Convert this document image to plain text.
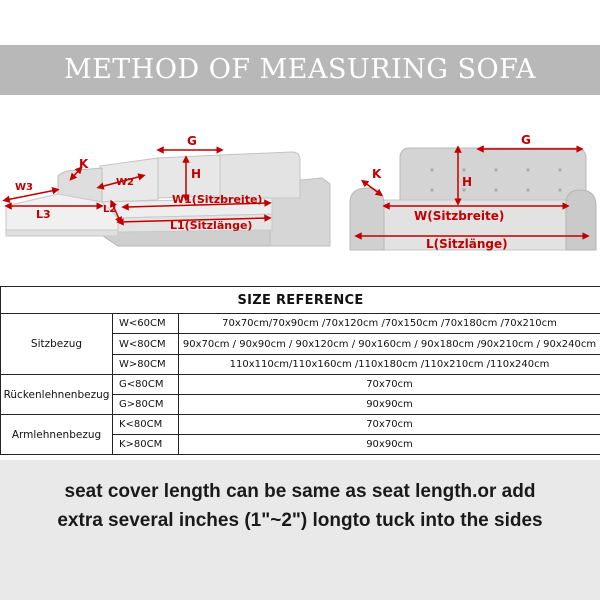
METHOD OF MEASURING SOFA
G
H
K
W3	W2
L2
L3
W1(Sitzbreite)
L1(Sitzlänge)
G
H
K
W(Sitzbreite)
L(Sitzlänge)
SIZE REFERENCE		
Sitzbezug	W<60CM	70x70cm/70x90cm /70x120cm /70x150cm /70x180cm /70x210cm
	W<80CM	90x70cm / 90x90cm / 90x120cm / 90x160cm / 90x180cm /90x210cm / 90x240cm
	W>80CM	110x110cm/110x160cm /110x180cm /110x210cm /110x240cm
Rückenlehnenbezug	G<80CM	70x70cm
	G>80CM	90x90cm
Armlehnenbezug	K<80CM	70x70cm
	K>80CM	90x90cm
seat cover length can be same as seat length.or add
extra several inches (1"~2") longto tuck into the sides
